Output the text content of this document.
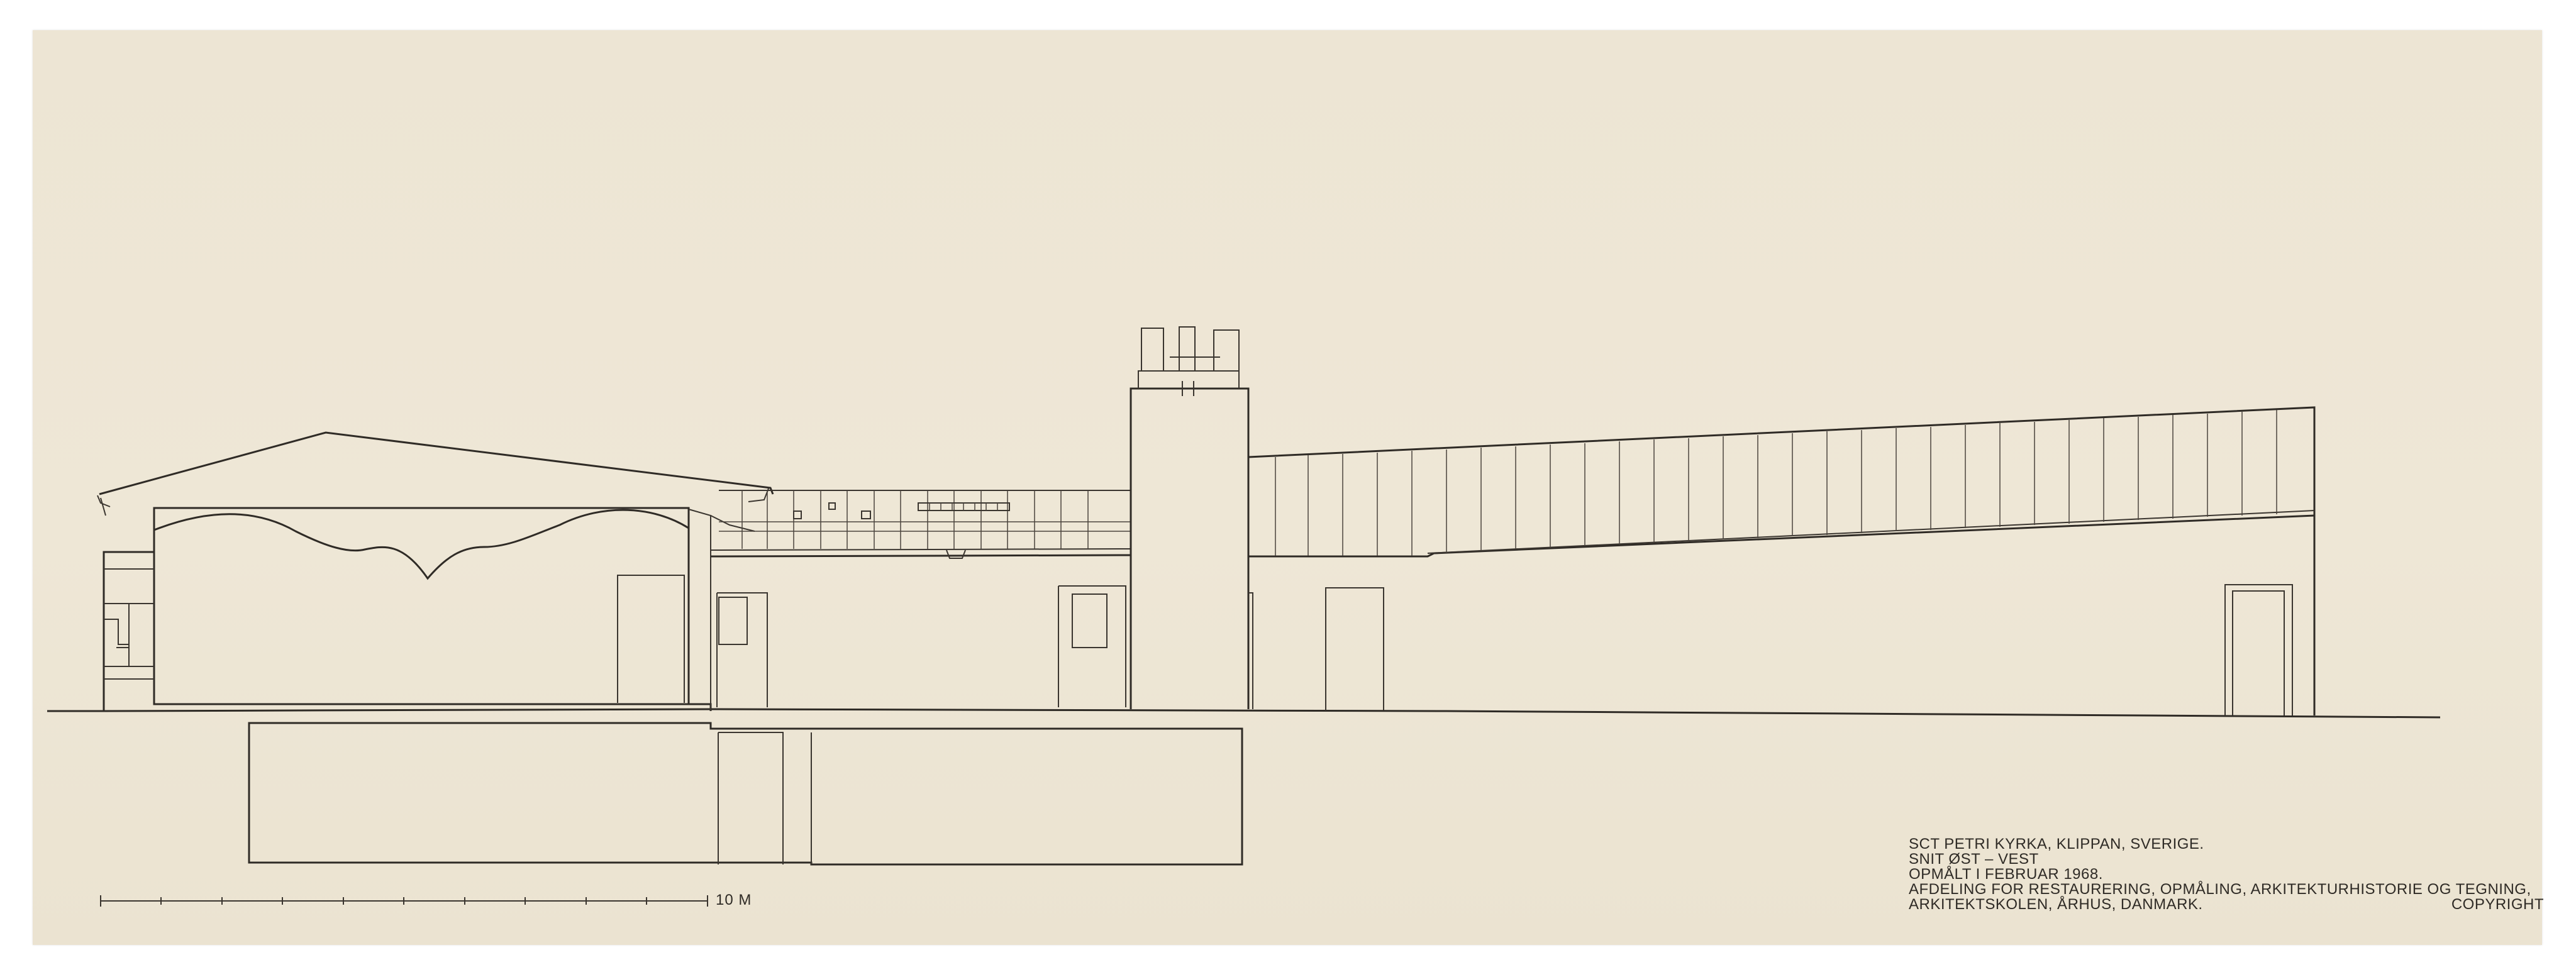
10 M
SCT PETRI KYRKA, KLIPPAN, SVERIGE.
SNIT ØST – VEST
OPMÅLT I FEBRUAR 1968.
AFDELING FOR RESTAURERING, OPMÅLING, ARKITEKTURHISTORIE OG TEGNING,
ARKITEKTSKOLEN, ÅRHUS, DANMARK.	COPYRIGHT
